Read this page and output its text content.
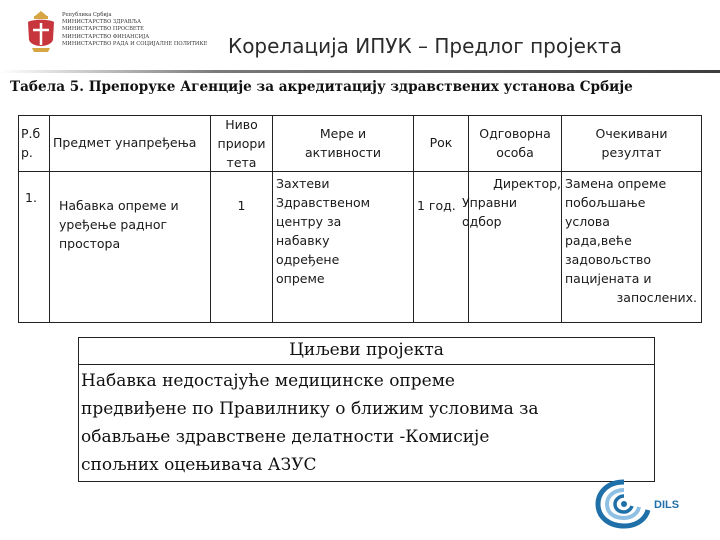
Република Србија
МИНИСТАРСТВО ЗДРАВЉА
МИНИСТАРСТВО ПРОСВЕТЕ
МИНИСТАРСТВО ФИНАНСИЈА
МИНИСТАРСТВО РАДА И СОЦИЈАЛНЕ ПОЛИТИКЕ Корелација ИПУК – Предлог пројекта
Табела 5. Препоруке Агенције за акредитацију здравствених установа Србије
Р.б
р.
Предмет унапређења
Ниво
приори
тета
Мере и
активности
Рок
Одговорна
особа
Очекивани
резултат
1.
Набавка опреме и
уређење радног
простора
1
Захтеви
Здравственом
центру за
набавку
одређене
опреме
1 год.
Директор,
Управни
одбор
Замена опреме
побољшање
услова
рада,веће
задовољство
пацијената и
запослених.
Циљеви пројекта
Набавка недостајуће медицинске опреме
предвиђене по Правилнику о ближим условима за
обављање здравствене делатности -Комисије
спољних оцењивача АЗУС
DILS
